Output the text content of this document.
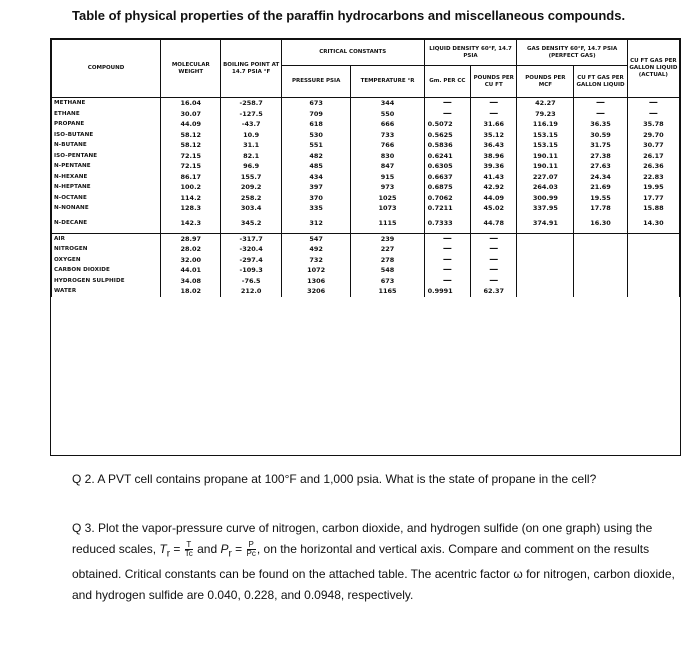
Table of physical properties of the paraffin hydrocarbons and miscellaneous compounds.
COMPOUND	MOLECULAR WEIGHT	BOILING POINT AT 14.7 PSIA °F	CRITICAL CONSTANTS		LIQUID DENSITY 60°F, 14.7 PSIA		GAS DENSITY 60°F, 14.7 PSIA (PERFECT GAS)		CU FT GAS PER GALLON LIQUID (ACTUAL)
			PRESSURE PSIA	TEMPERATURE °R	Gm. PER CC	POUNDS PER CU FT	POUNDS PER MCF	CU FT GAS PER GALLON LIQUID	

METHANE	16.04	-258.7	673	344	—	—	42.27	—	—
ETHANE	30.07	-127.5	709	550	—	—	79.23	—	—
PROPANE	44.09	-43.7	618	666	0.5072	31.66	116.19	36.35	35.78
ISO-BUTANE	58.12	10.9	530	733	0.5625	35.12	153.15	30.59	29.70
N-BUTANE	58.12	31.1	551	766	0.5836	36.43	153.15	31.75	30.77
ISO-PENTANE	72.15	82.1	482	830	0.6241	38.96	190.11	27.38	26.17
N-PENTANE	72.15	96.9	485	847	0.6305	39.36	190.11	27.63	26.36
N-HEXANE	86.17	155.7	434	915	0.6637	41.43	227.07	24.34	22.83
N-HEPTANE	100.2	209.2	397	973	0.6875	42.92	264.03	21.69	19.95
N-OCTANE	114.2	258.2	370	1025	0.7062	44.09	300.99	19.55	17.77
N-NONANE	128.3	303.4	335	1073	0.7211	45.02	337.95	17.78	15.88
N-DECANE	142.3	345.2	312	1115	0.7333	44.78	374.91	16.30	14.30
AIR	28.97	-317.7	547	239	—	—			
NITROGEN	28.02	-320.4	492	227	—	—			
OXYGEN	32.00	-297.4	732	278	—	—			
CARBON DIOXIDE	44.01	-109.3	1072	548	—	—			
HYDROGEN SULPHIDE	34.08	-76.5	1306	673	—	—			
WATER	18.02	212.0	3206	1165	0.9991	62.37			
Q 2. A PVT cell contains propane at 100°F and 1,000 psia. What is the state of propane in the cell?
Q 3. Plot the vapor-pressure curve of nitrogen, carbon dioxide, and hydrogen sulfide (on one graph) using the reduced scales, $T_r = \frac{T}{Tc}$ and $P_r = \frac{P}{Pc}$ , on the horizontal and vertical axis. Compare and comment on the results obtained. Critical constants can be found on the attached table. The acentric factor ω for nitrogen, carbon dioxide, and hydrogen sulfide are 0.040, 0.228, and 0.0948, respectively.
